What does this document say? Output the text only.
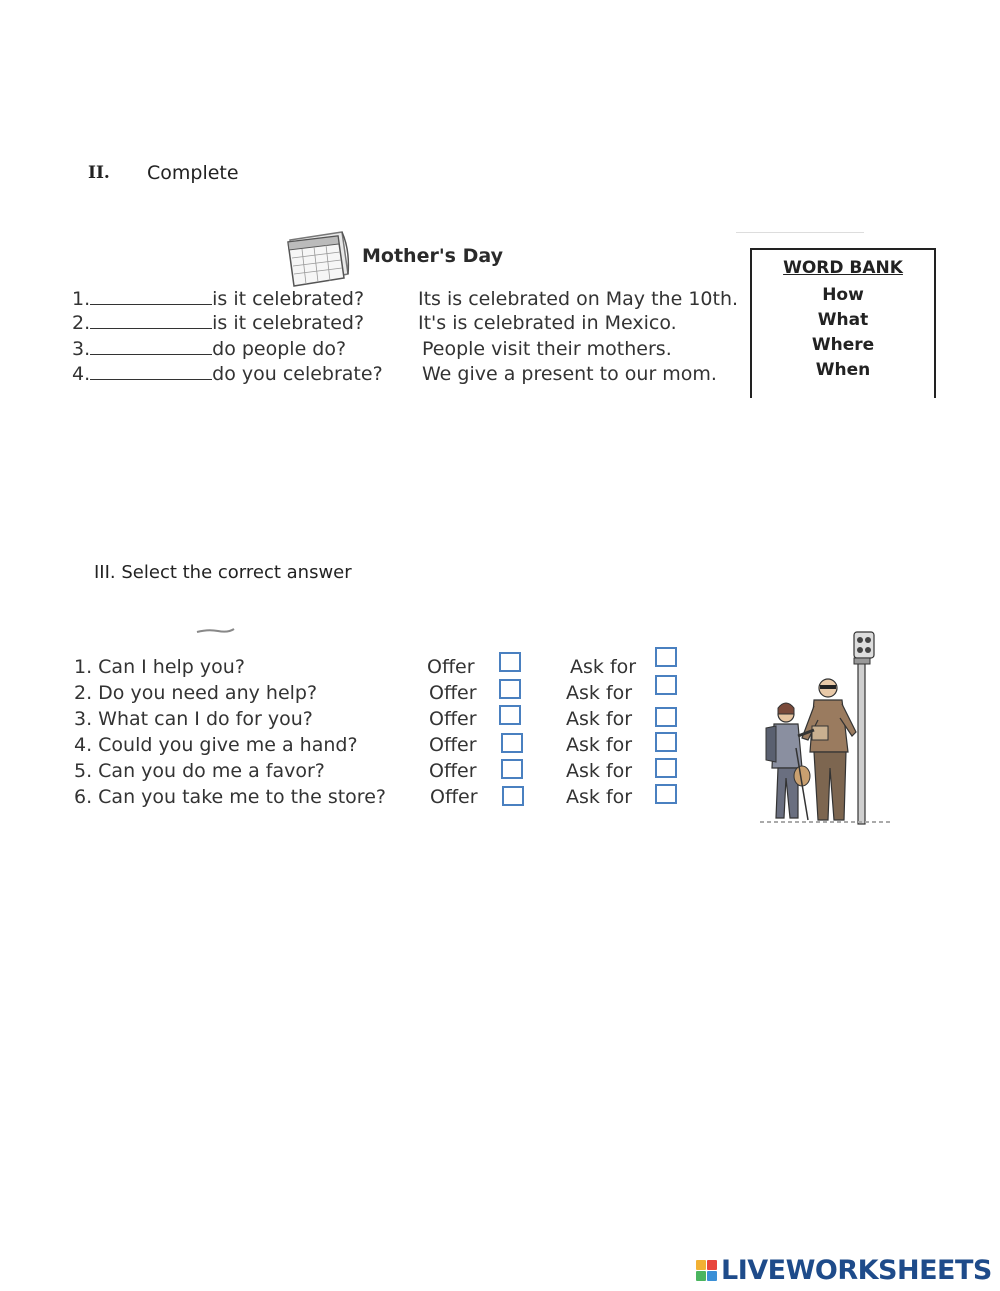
II. Complete
Mother's Day
1.	is it celebrated?	Its is celebrated on May the 10th.
2.	is it celebrated?	It's is celebrated in Mexico.
3.	do people do?	People visit their mothers.
4.	do you celebrate? We give a present to our mom.
WORD BANK
How
What
Where
When
III. Select the correct answer
1. Can I help you?	Offer	Ask for
2. Do you need any help?	Offer	Ask for
3. What can I do for you?	Offer	Ask for
4. Could you give me a hand?	Offer	Ask for
5. Can you do me a favor?	Offer	Ask for
6. Can you take me to the store? Offer	Ask for
LIVEWORKSHEETS
